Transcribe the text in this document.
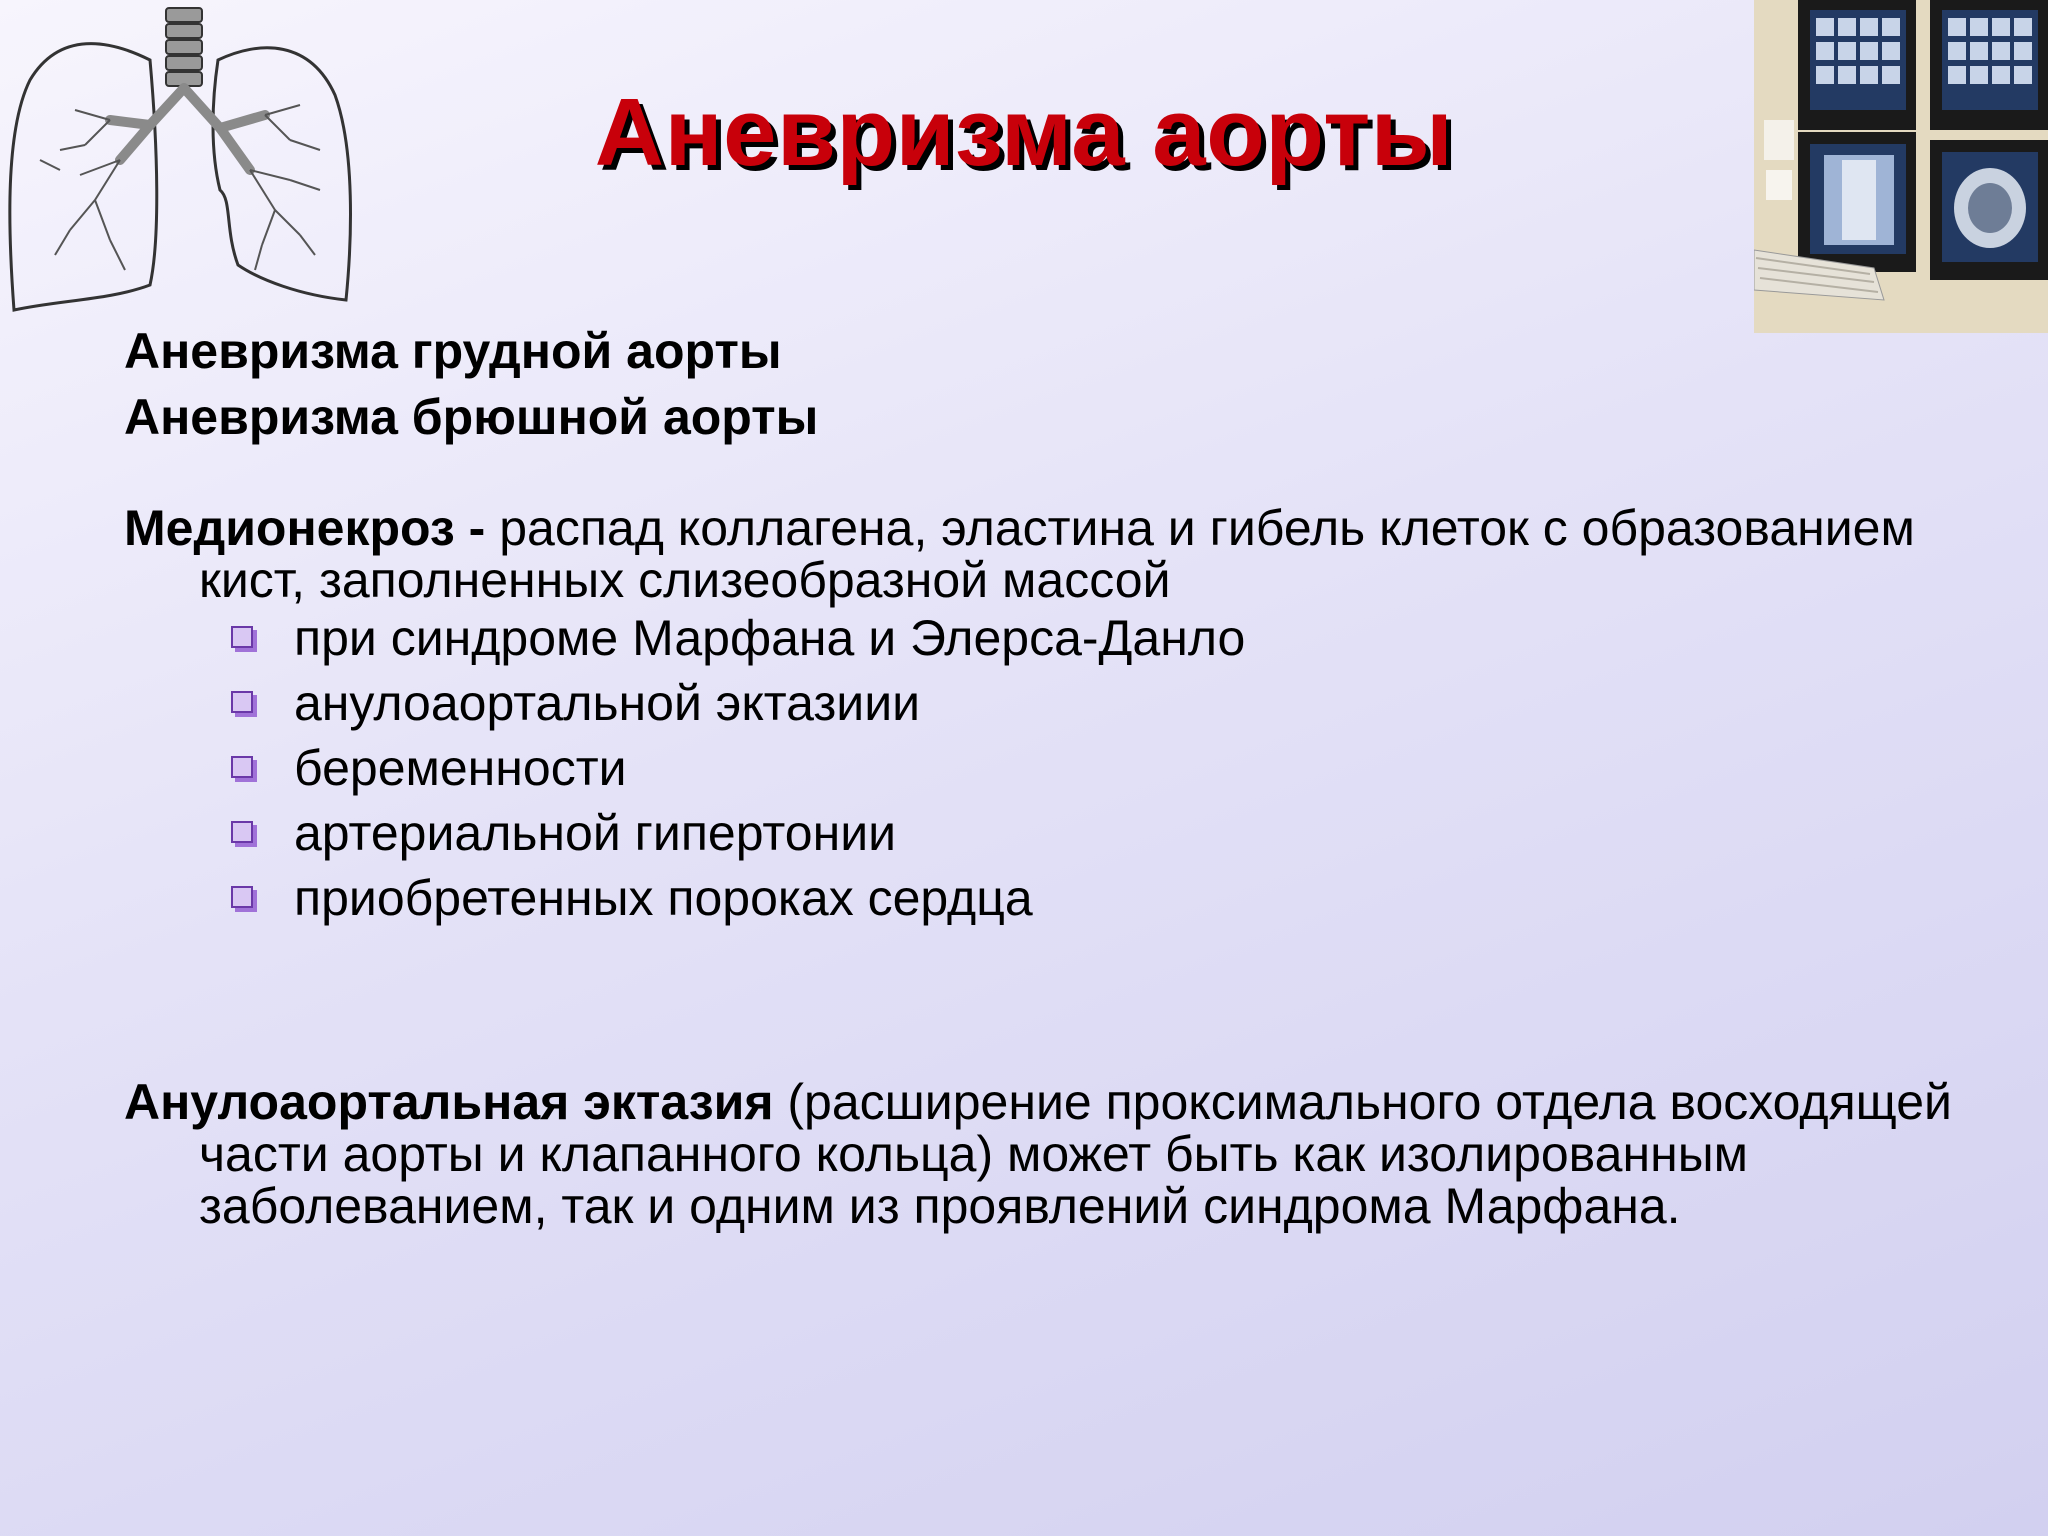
Аневризма аорты

Аневризма грудной аорты

Аневризма брюшной аорты

Медионекроз - распад коллагена, эластина и гибель клеток с образованием кист, заполненных слизеобразной массой

при синдроме Марфана и Элерса-Данло
анулоаортальной эктазиии
беременности
артериальной гипертонии
приобретенных пороках сердца

Анулоаортальная эктазия (расширение проксимального отдела восходящей части аорты и клапанного кольца) может быть как изолированным заболеванием, так и одним из проявлений синдрома Марфана.
